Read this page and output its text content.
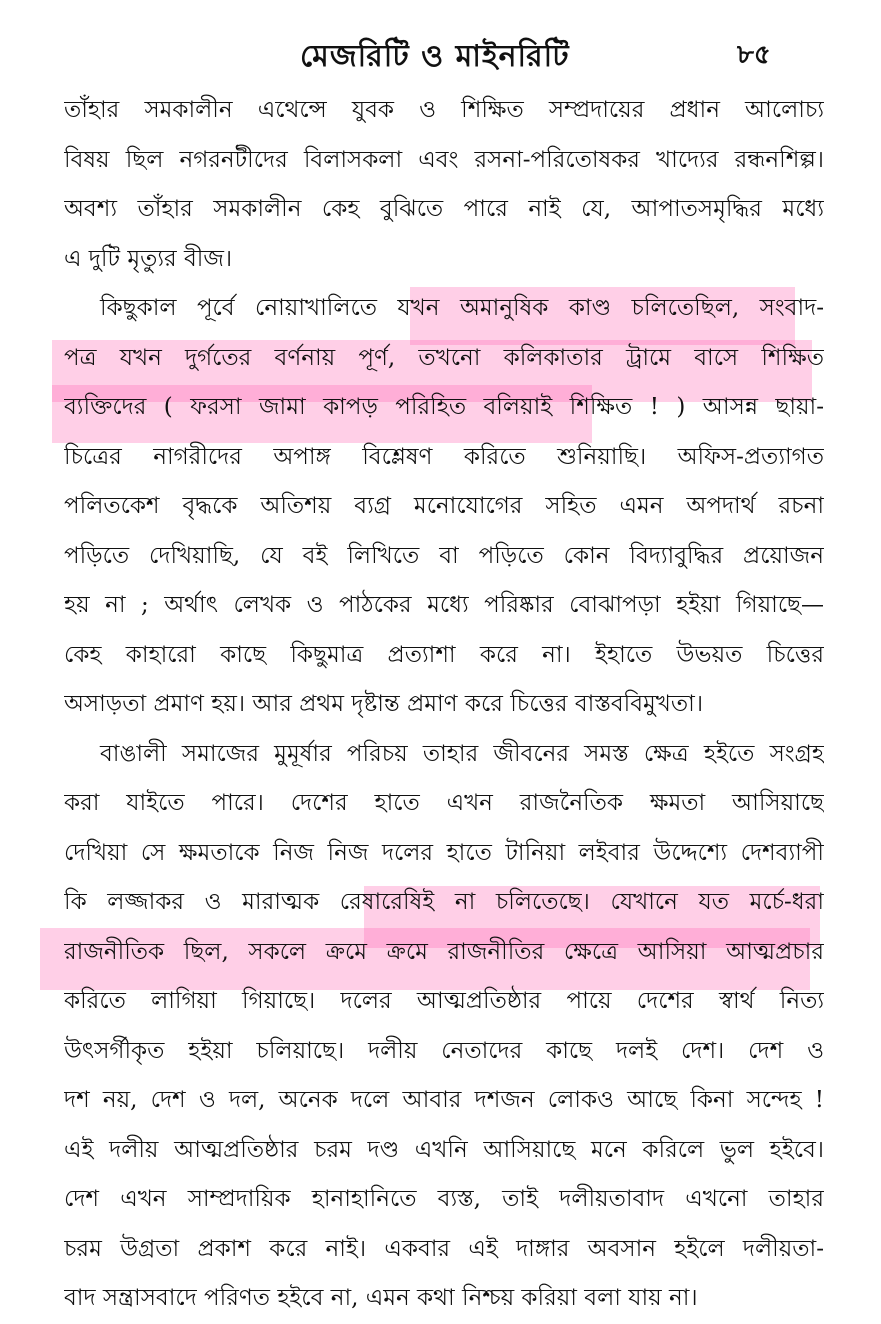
মেজরিটি ও মাইনরিটি	৮৫
তাঁহার সমকালীন এথেন্সে যুবক ও শিক্ষিত সম্প্রদায়ের প্রধান আলোচ্য
বিষয় ছিল নগরনটীদের বিলাসকলা এবং রসনা-পরিতোষকর খাদ্যের রন্ধনশিল্প।
অবশ্য তাঁহার সমকালীন কেহ বুঝিতে পারে নাই যে, আপাতসমৃদ্ধির মধ্যে
এ দুটি মৃত্যুর বীজ।
কিছুকাল পূর্বে নোয়াখালিতে যখন অমানুষিক কাণ্ড চলিতেছিল, সংবাদ-
পত্র যখন দুর্গতের বর্ণনায় পূর্ণ, তখনো কলিকাতার ট্রামে বাসে শিক্ষিত
ব্যক্তিদের ( ফরসা জামা কাপড় পরিহিত বলিয়াই শিক্ষিত ! ) আসন্ন ছায়া-
চিত্রের নাগরীদের অপাঙ্গ বিশ্লেষণ করিতে শুনিয়াছি। অফিস-প্রত্যাগত
পলিতকেশ বৃদ্ধকে অতিশয় ব্যগ্র মনোযোগের সহিত এমন অপদার্থ রচনা
পড়িতে দেখিয়াছি, যে বই লিখিতে বা পড়িতে কোন বিদ্যাবুদ্ধির প্রয়োজন
হয় না ; অর্থাৎ লেখক ও পাঠকের মধ্যে পরিষ্কার বোঝাপড়া হইয়া গিয়াছে—
কেহ কাহারো কাছে কিছুমাত্র প্রত্যাশা করে না। ইহাতে উভয়ত চিত্তের
অসাড়তা প্রমাণ হয়। আর প্রথম দৃষ্টান্ত প্রমাণ করে চিত্তের বাস্তববিমুখতা।
বাঙালী সমাজের মুমূর্ষার পরিচয় তাহার জীবনের সমস্ত ক্ষেত্র হইতে সংগ্রহ
করা যাইতে পারে। দেশের হাতে এখন রাজনৈতিক ক্ষমতা আসিয়াছে
দেখিয়া সে ক্ষমতাকে নিজ নিজ দলের হাতে টানিয়া লইবার উদ্দেশ্যে দেশব্যাপী
কি লজ্জাকর ও মারাত্মক রেষারেষিই না চলিতেছে। যেখানে যত মর্চে-ধরা
রাজনীতিক ছিল, সকলে ক্রমে ক্রমে রাজনীতির ক্ষেত্রে আসিয়া আত্মপ্রচার
করিতে লাগিয়া গিয়াছে। দলের আত্মপ্রতিষ্ঠার পায়ে দেশের স্বার্থ নিত্য
উৎসর্গীকৃত হইয়া চলিয়াছে। দলীয় নেতাদের কাছে দলই দেশ। দেশ ও
দশ নয়, দেশ ও দল, অনেক দলে আবার দশজন লোকও আছে কিনা সন্দেহ !
এই দলীয় আত্মপ্রতিষ্ঠার চরম দণ্ড এখনি আসিয়াছে মনে করিলে ভুল হইবে।
দেশ এখন সাম্প্রদায়িক হানাহানিতে ব্যস্ত, তাই দলীয়তাবাদ এখনো তাহার
চরম উগ্রতা প্রকাশ করে নাই। একবার এই দাঙ্গার অবসান হইলে দলীয়তা-
বাদ সন্ত্রাসবাদে পরিণত হইবে না, এমন কথা নিশ্চয় করিয়া বলা যায় না।
